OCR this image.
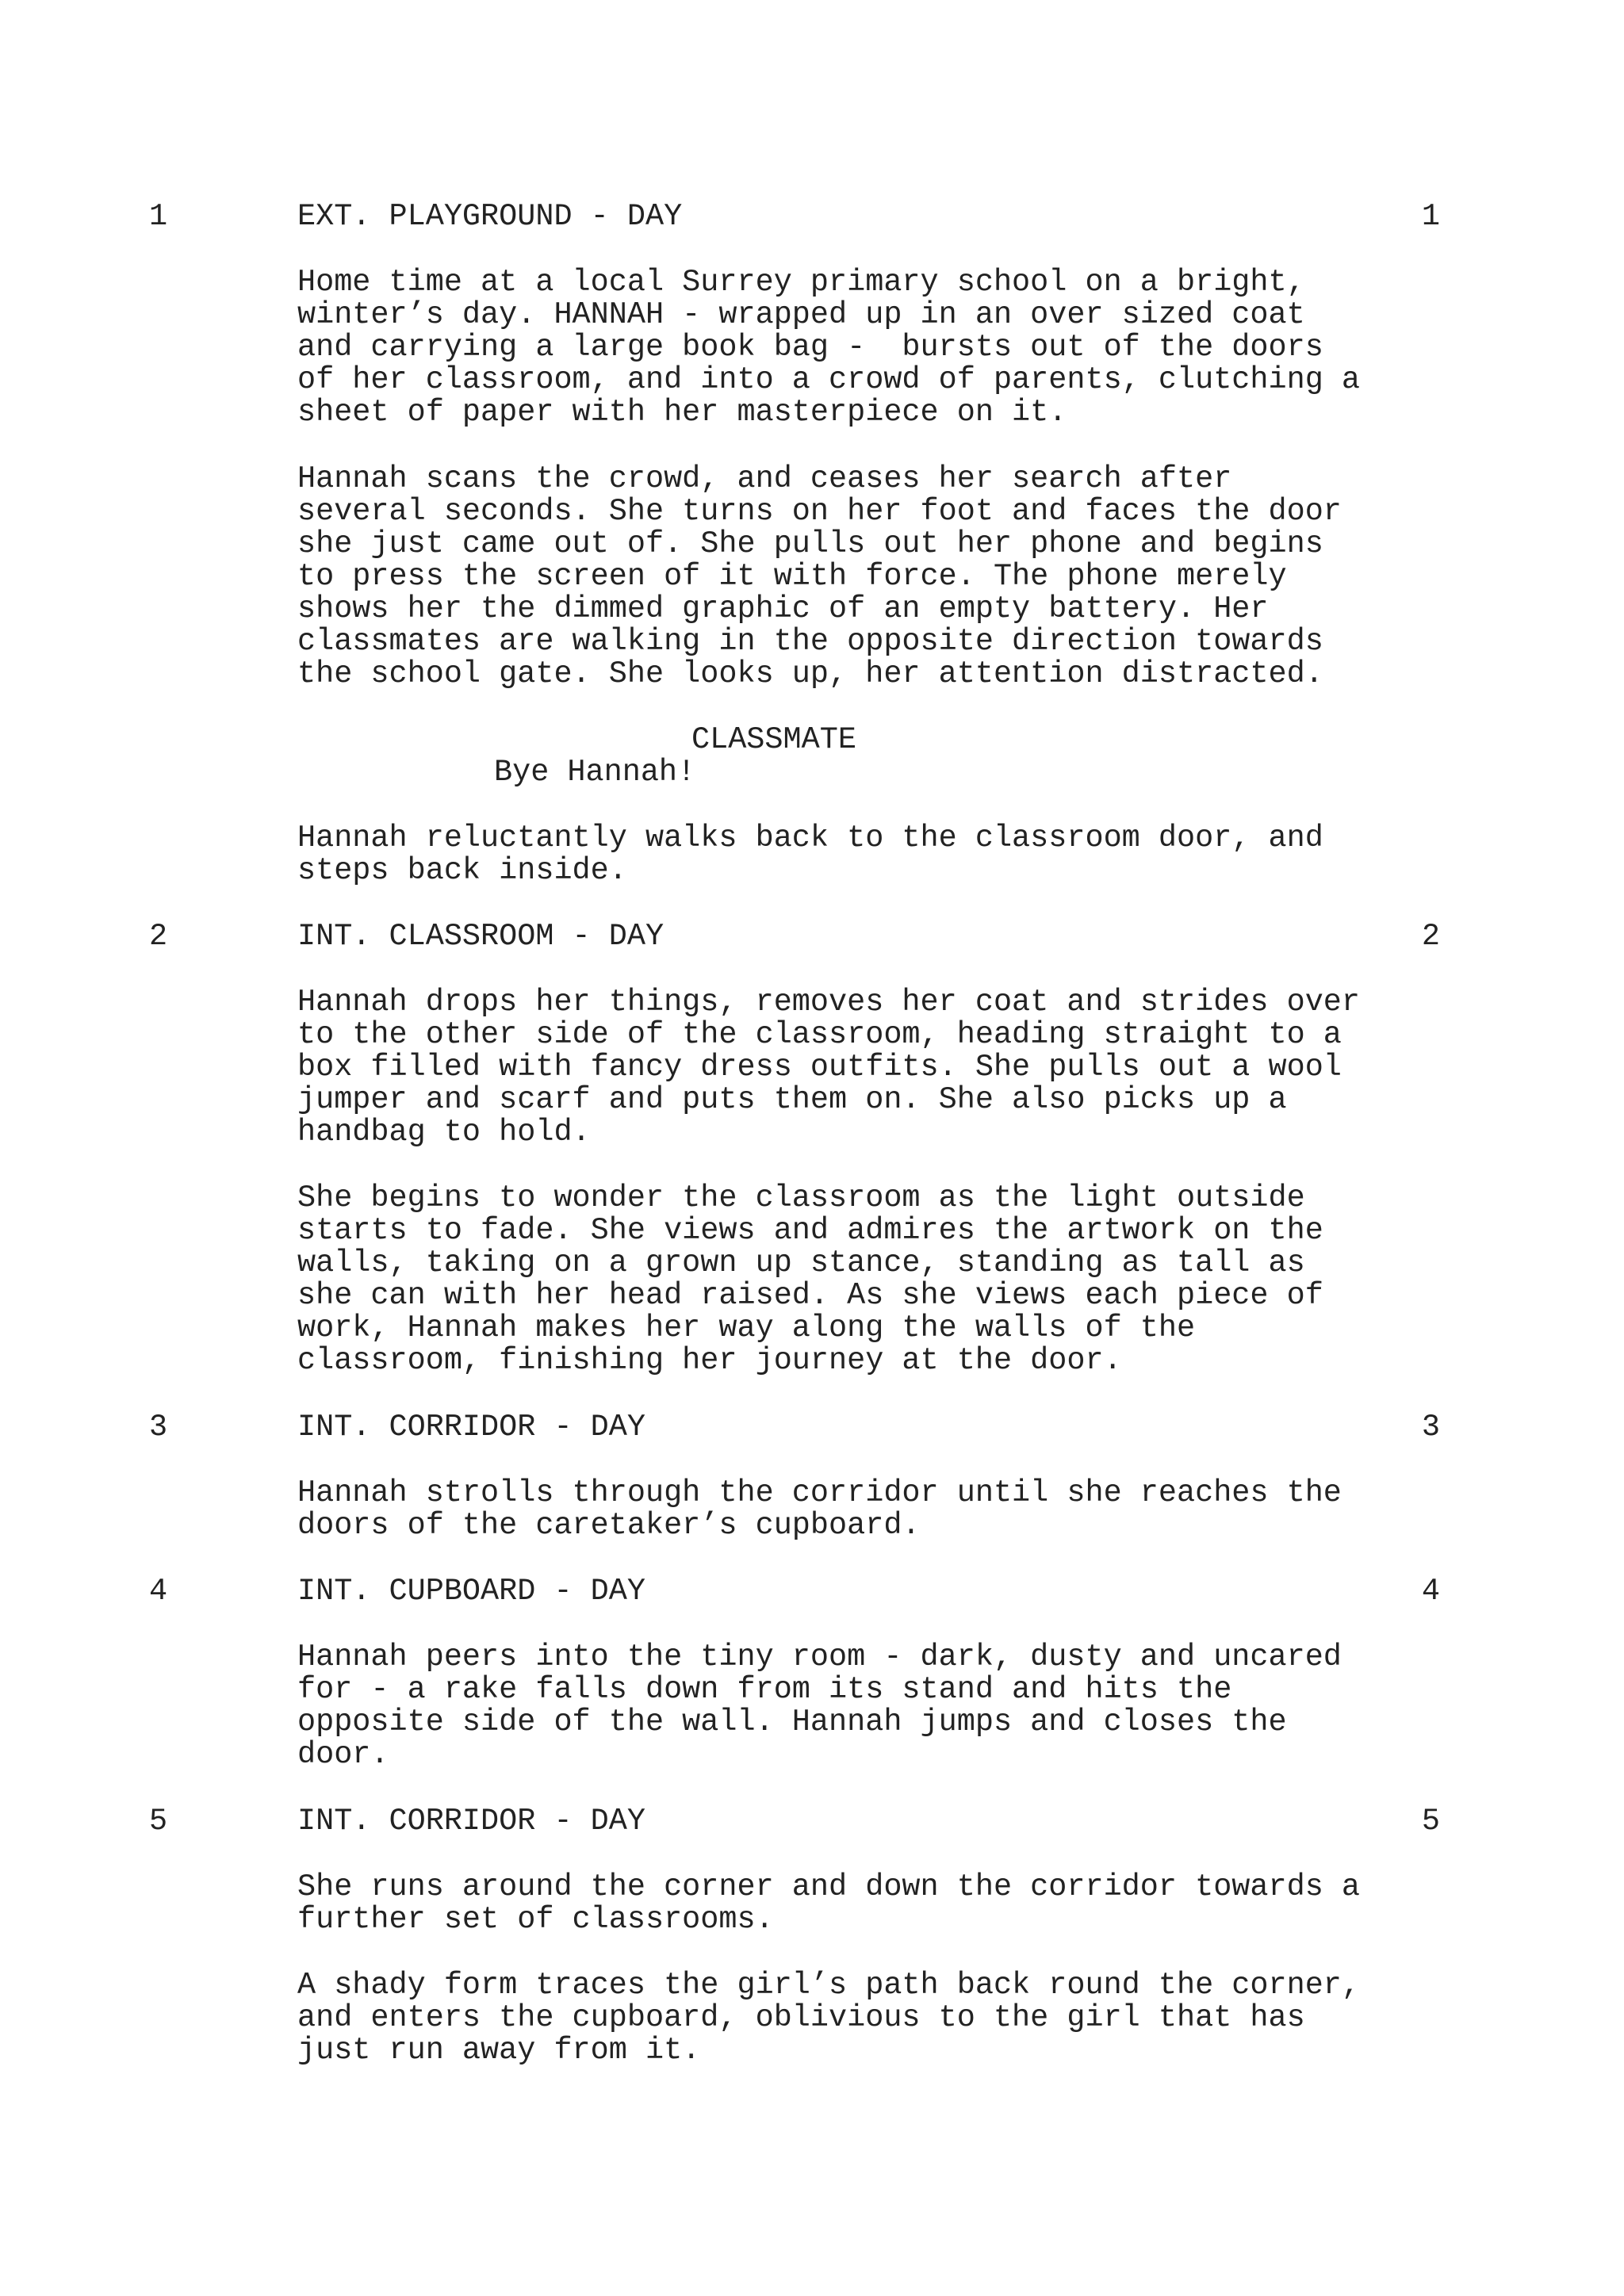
1	EXT. PLAYGROUND - DAY	1
Home time at a local Surrey primary school on a bright,
winter’s day. HANNAH - wrapped up in an over sized coat
and carrying a large book bag -  bursts out of the doors
of her classroom, and into a crowd of parents, clutching a
sheet of paper with her masterpiece on it.
Hannah scans the crowd, and ceases her search after
several seconds. She turns on her foot and faces the door
she just came out of. She pulls out her phone and begins
to press the screen of it with force. The phone merely
shows her the dimmed graphic of an empty battery. Her
classmates are walking in the opposite direction towards
the school gate. She looks up, her attention distracted.
CLASSMATE
Bye Hannah!
Hannah reluctantly walks back to the classroom door, and
steps back inside.
2	INT. CLASSROOM - DAY	2
Hannah drops her things, removes her coat and strides over
to the other side of the classroom, heading straight to a
box filled with fancy dress outfits. She pulls out a wool
jumper and scarf and puts them on. She also picks up a
handbag to hold.
She begins to wonder the classroom as the light outside
starts to fade. She views and admires the artwork on the
walls, taking on a grown up stance, standing as tall as
she can with her head raised. As she views each piece of
work, Hannah makes her way along the walls of the
classroom, finishing her journey at the door.
3	INT. CORRIDOR - DAY	3
Hannah strolls through the corridor until she reaches the
doors of the caretaker’s cupboard.
4	INT. CUPBOARD - DAY	4
Hannah peers into the tiny room - dark, dusty and uncared
for - a rake falls down from its stand and hits the
opposite side of the wall. Hannah jumps and closes the
door.
5	INT. CORRIDOR - DAY	5
She runs around the corner and down the corridor towards a
further set of classrooms.
A shady form traces the girl’s path back round the corner,
and enters the cupboard, oblivious to the girl that has
just run away from it.
